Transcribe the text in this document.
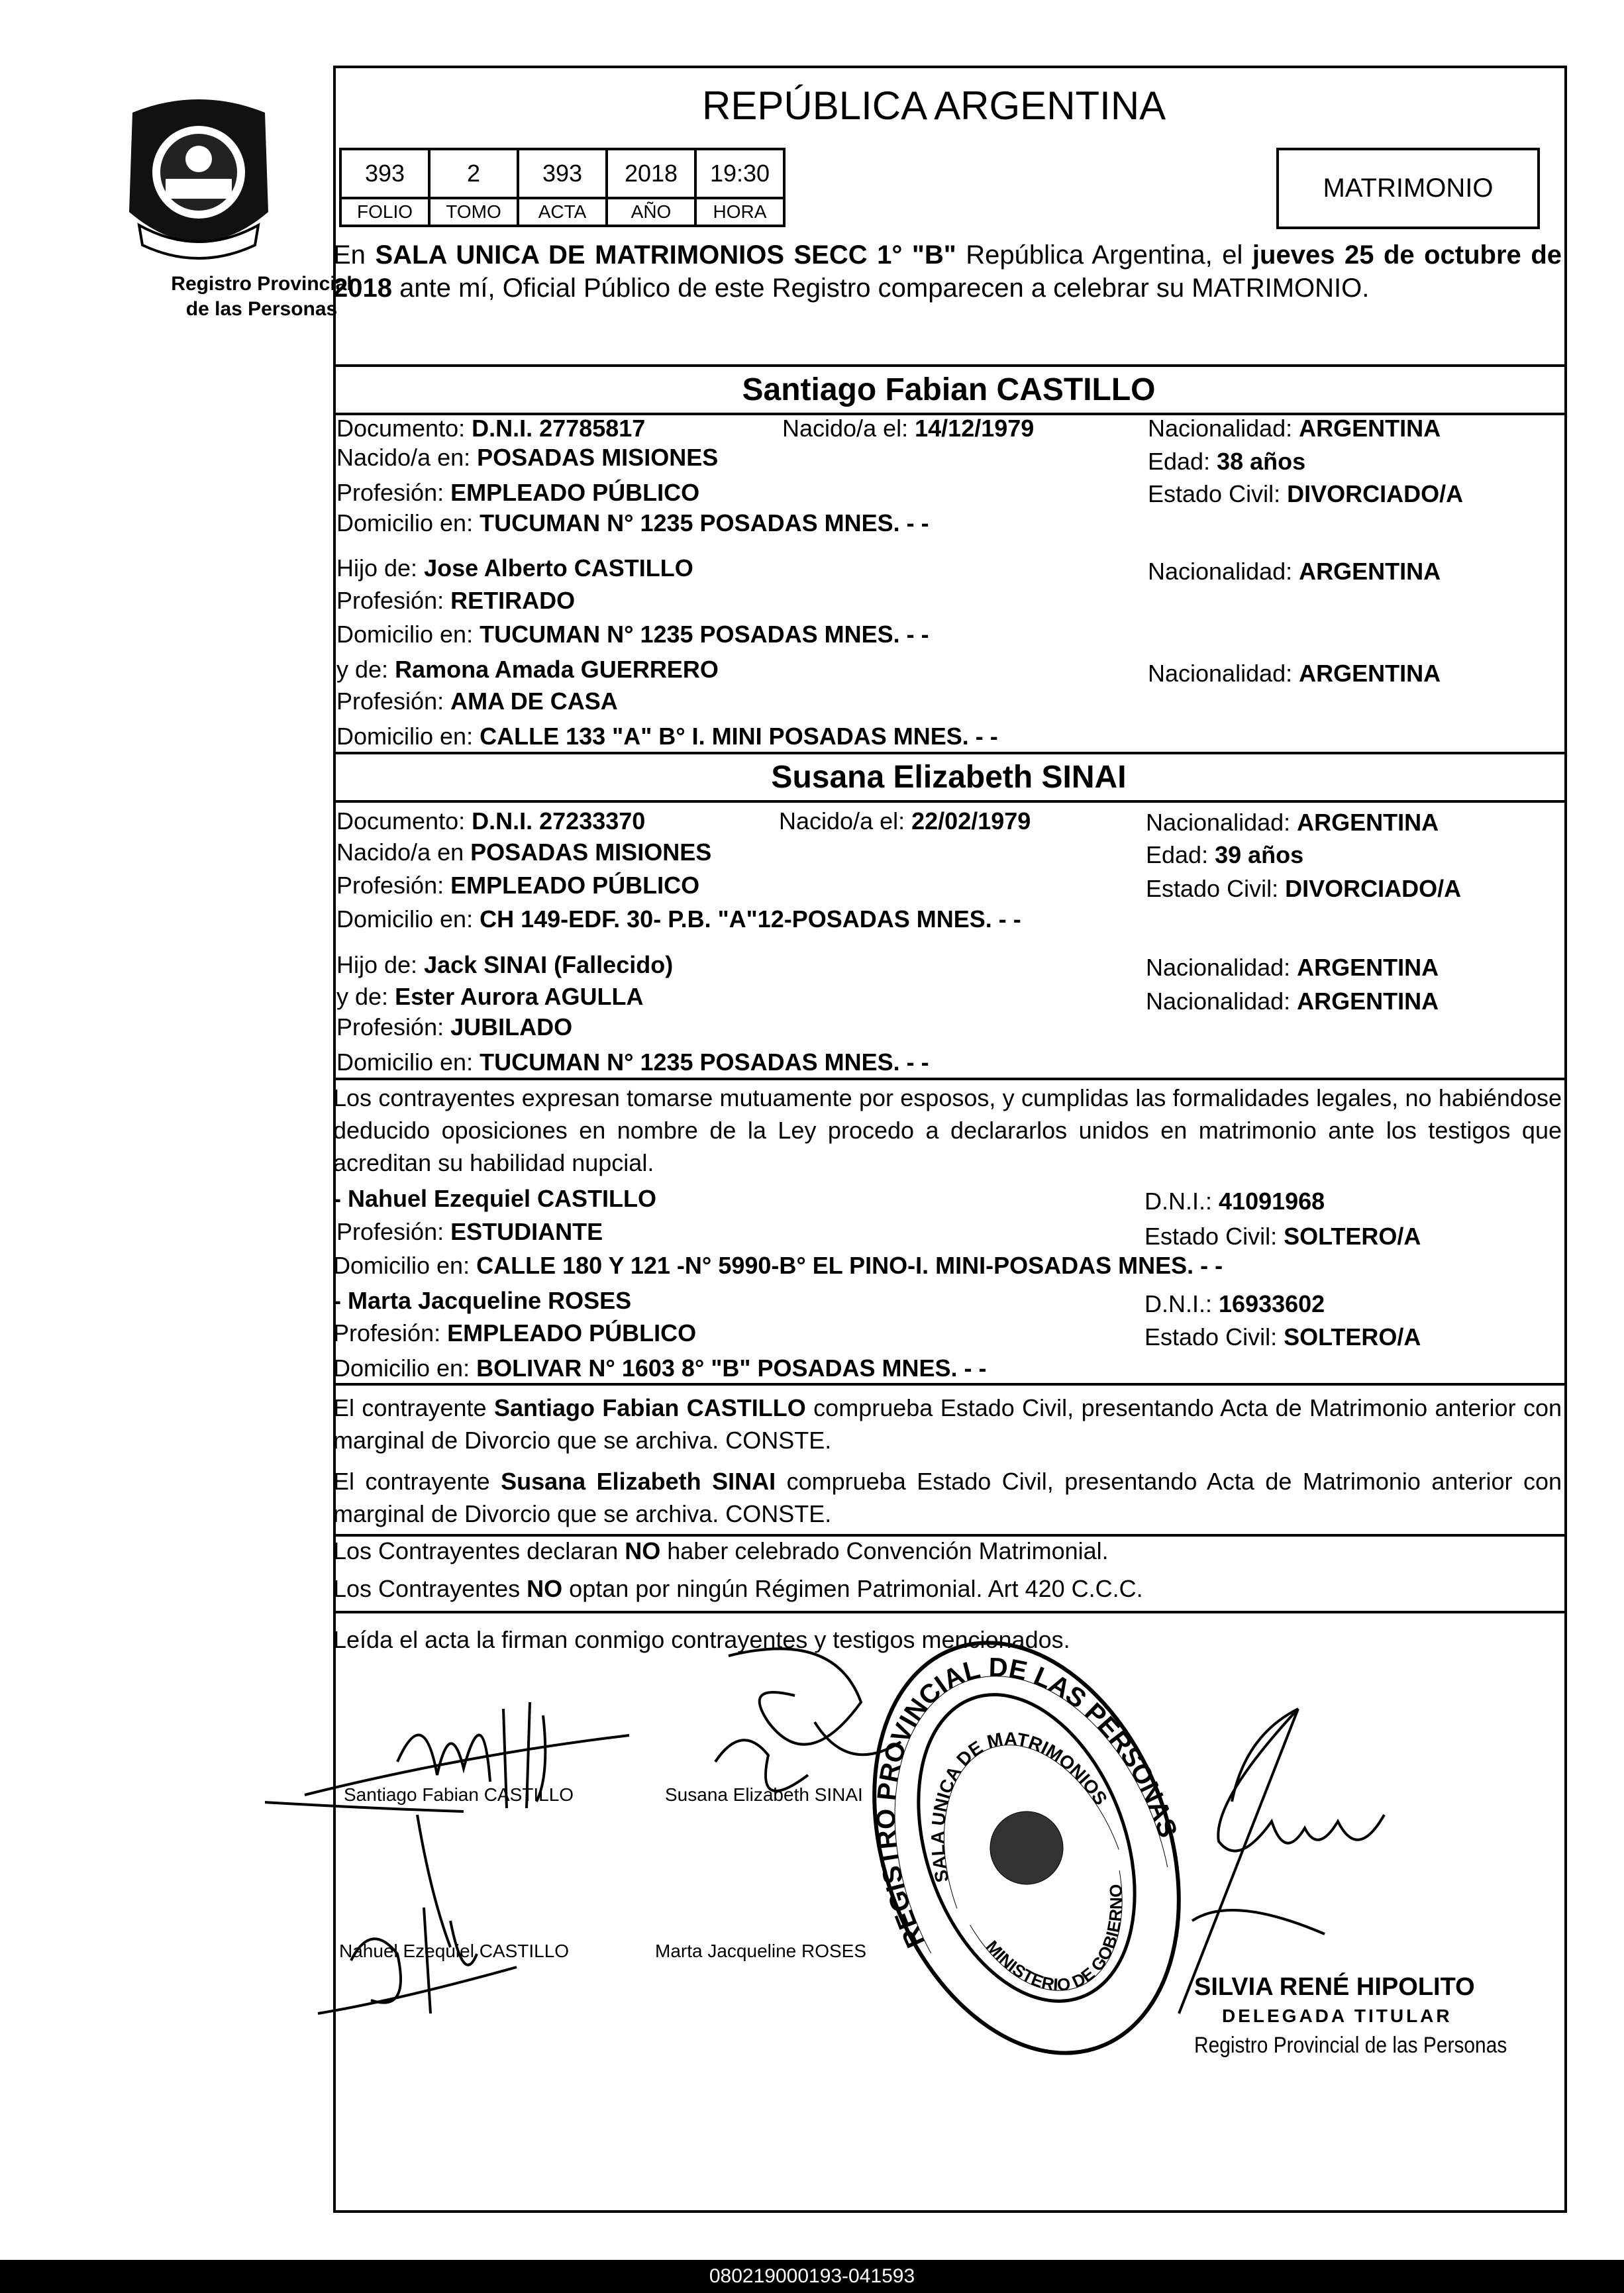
Registro Provincial
de las Personas
REPÚBLICA ARGENTINA
393	2	393	2018	19:30
FOLIO	TOMO	ACTA	AÑO	HORA
MATRIMONIO
En SALA UNICA DE MATRIMONIOS SECC 1° "B" República Argentina, el jueves 25 de octubre de 2018 ante mí, Oficial Público de este Registro comparecen a celebrar su MATRIMONIO.
Santiago Fabian CASTILLO
Documento: D.N.I. 27785817	Nacido/a el: 14/12/1979	Nacionalidad: ARGENTINA
Nacido/a en: POSADAS MISIONES	Edad: 38 años
Profesión: EMPLEADO PÚBLICO	Estado Civil: DIVORCIADO/A
Domicilio en: TUCUMAN N° 1235 POSADAS MNES. - -
Hijo de: Jose Alberto CASTILLO	Nacionalidad: ARGENTINA
Profesión: RETIRADO
Domicilio en: TUCUMAN N° 1235 POSADAS MNES. - -
y de: Ramona Amada GUERRERO	Nacionalidad: ARGENTINA
Profesión: AMA DE CASA
Domicilio en: CALLE 133 "A" B° I. MINI POSADAS MNES. - -
Susana Elizabeth SINAI
Documento: D.N.I. 27233370	Nacido/a el: 22/02/1979	Nacionalidad: ARGENTINA
Nacido/a en POSADAS MISIONES	Edad: 39 años
Profesión: EMPLEADO PÚBLICO	Estado Civil: DIVORCIADO/A
Domicilio en: CH 149-EDF. 30- P.B. "A"12-POSADAS MNES. - -
Hijo de: Jack SINAI (Fallecido)	Nacionalidad: ARGENTINA
y de: Ester Aurora AGULLA	Nacionalidad: ARGENTINA
Profesión: JUBILADO
Domicilio en: TUCUMAN N° 1235 POSADAS MNES. - -
Los contrayentes expresan tomarse mutuamente por esposos, y cumplidas las formalidades legales, no habiéndose deducido oposiciones en nombre de la Ley procedo a declararlos unidos en matrimonio ante los testigos que acreditan su habilidad nupcial.
- Nahuel Ezequiel CASTILLO	D.N.I.: 41091968
Profesión: ESTUDIANTE	Estado Civil: SOLTERO/A
Domicilio en: CALLE 180 Y 121 -N° 5990-B° EL PINO-I. MINI-POSADAS MNES. - -
- Marta Jacqueline ROSES	D.N.I.: 16933602
Profesión: EMPLEADO PÚBLICO	Estado Civil: SOLTERO/A
Domicilio en: BOLIVAR N° 1603 8° "B" POSADAS MNES. - -
El contrayente Santiago Fabian CASTILLO comprueba Estado Civil, presentando Acta de Matrimonio anterior con marginal de Divorcio que se archiva. CONSTE.
El contrayente Susana Elizabeth SINAI comprueba Estado Civil, presentando Acta de Matrimonio anterior con marginal de Divorcio que se archiva. CONSTE.
Los Contrayentes declaran NO haber celebrado Convención Matrimonial.
Los Contrayentes NO optan por ningún Régimen Patrimonial. Art 420 C.C.C.
Leída el acta la firman conmigo contrayentes y testigos mencionados.
Santiago Fabian CASTILLO	Susana Elizabeth SINAI
Nahuel Ezequiel CASTILLO	Marta Jacqueline ROSES	REGISTRO PROVINCIAL DE LAS PERSONAS
SALA UNICA DE MATRIMONIOS
MINISTERIO DE GOBIERNO
SILVIA RENÉ HIPOLITO
DELEGADA TITULAR
Registro Provincial de las Personas
080219000193-041593
